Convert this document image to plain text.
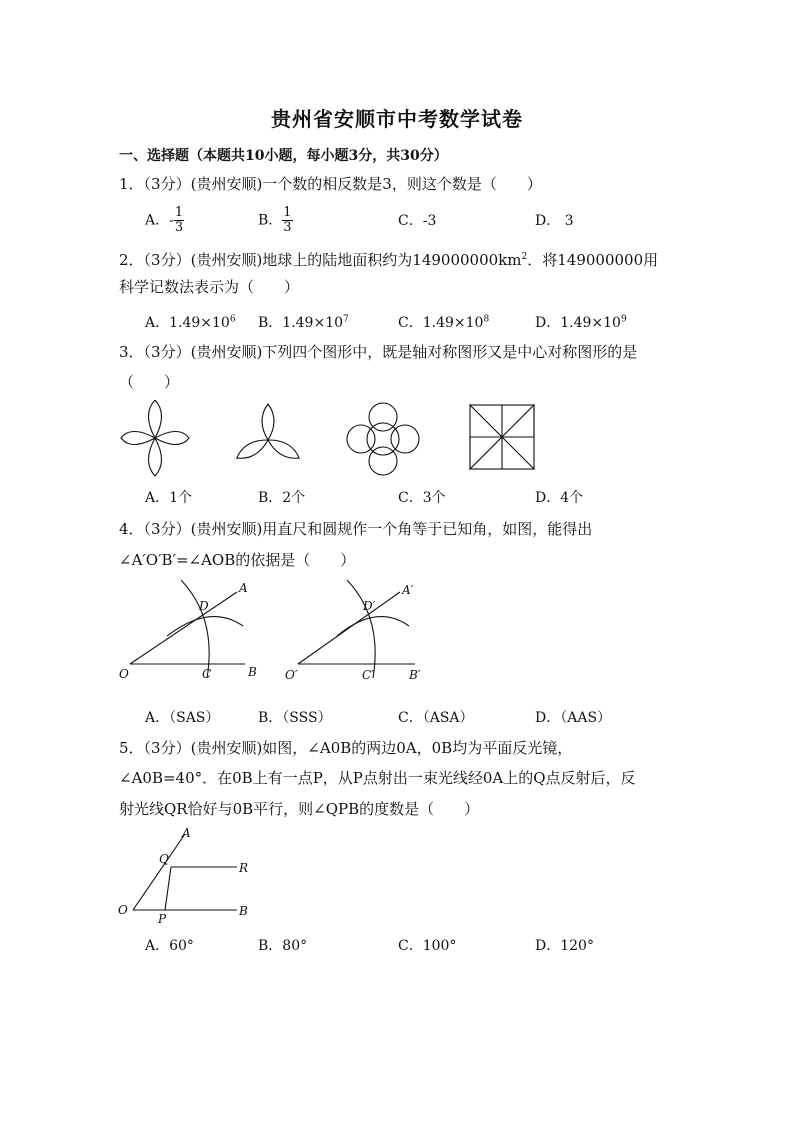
贵州省安顺市中考数学试卷
一、选择题（本题共10小题，每小题3分，共30分）
1．（3分）(贵州安顺)一个数的相反数是3，则这个数是（　　）
A．- $\frac{1}{3}$	B． $\frac{1}{3}$	C．-3	D． 3
2．（3分）(贵州安顺)地球上的陆地面积约为$149000000km^2$．将149000000用
科学记数法表示为（　　）
A．$1.49\times 10^6$ B．$1.49\times 10^7$	C．$1.49\times 10^8$	D．$1.49\times 10^9$
3．（3分）(贵州安顺)下列四个图形中，既是轴对称图形又是中心对称图形的是
（　　）
A．1个	B．2个	C．3个	D．4个
4．（3分）(贵州安顺)用直尺和圆规作一个角等于已知角，如图，能得出
∠A′O′B′=∠AOB的依据是（　　）
O
A
B
C
D
O′
A′
B′
C′
D′
A．（SAS）	B．（SSS）	C．（ASA）	D．（AAS）
5．（3分）(贵州安顺)如图，∠A0B的两边0A，0B均为平面反光镜，
∠A0B=40°．在0B上有一点P，从P点射出一束光线经0A上的Q点反射后，反
射光线QR恰好与0B平行，则∠QPB的度数是（　　）
A
Q
R
O
P
B
A．60°	B．80°	C．100°	D．120°
